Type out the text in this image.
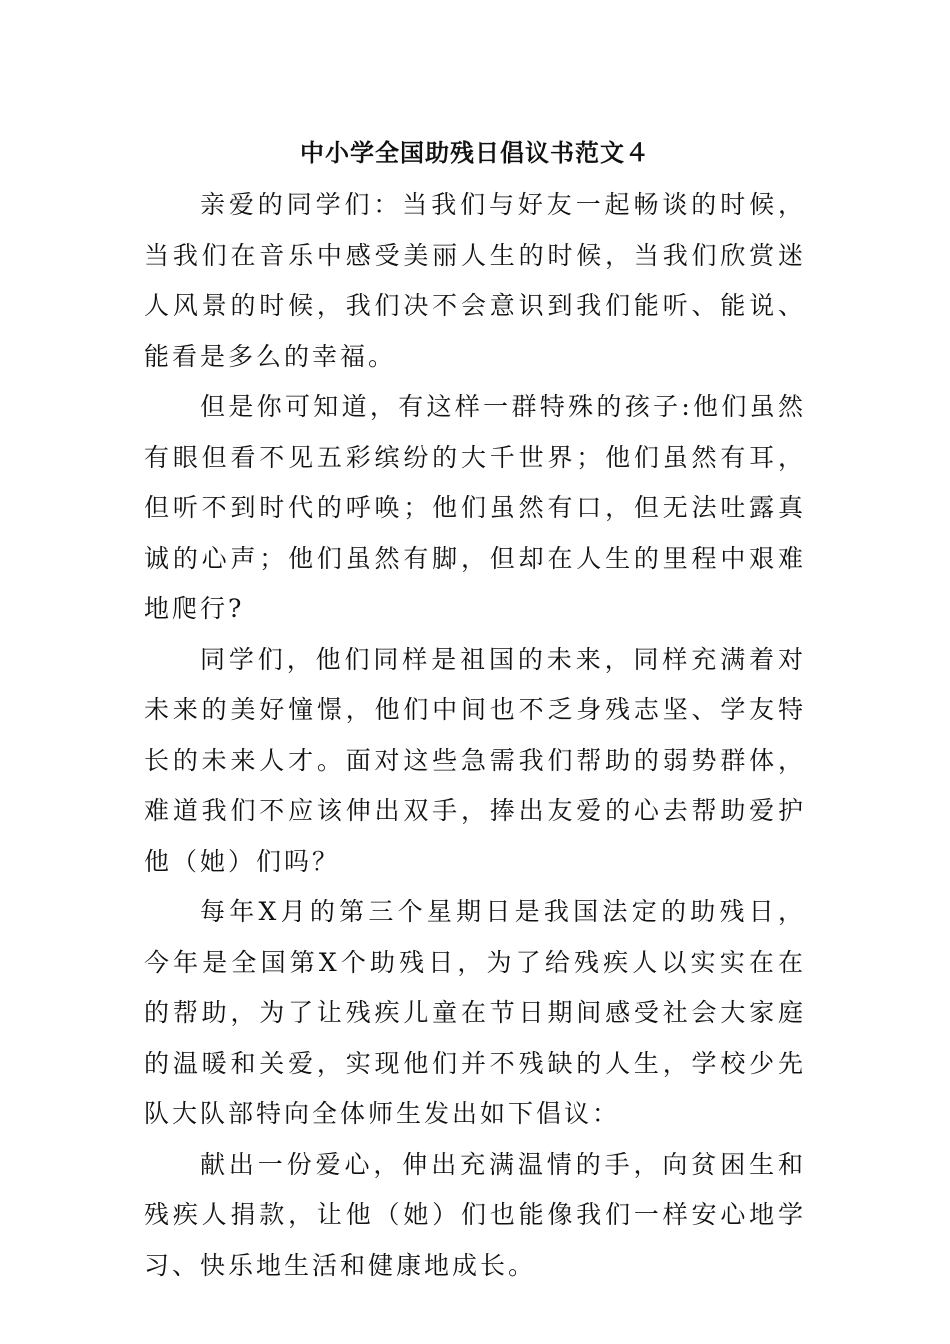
中小学全国助残日倡议书范文４

亲爱的同学们：当我们与好友一起畅谈的时候，当我们在音乐中感受美丽人生的时候，当我们欣赏迷人风景的时候，我们决不会意识到我们能听、能说、能看是多么的幸福。

但是你可知道，有这样一群特殊的孩子:他们虽然有眼但看不见五彩缤纷的大千世界；他们虽然有耳，但听不到时代的呼唤；他们虽然有口，但无法吐露真诚的心声；他们虽然有脚，但却在人生的里程中艰难地爬行?

同学们，他们同样是祖国的未来，同样充满着对未来的美好憧憬，他们中间也不乏身残志坚、学友特长的未来人才。面对这些急需我们帮助的弱势群体，难道我们不应该伸出双手，捧出友爱的心去帮助爱护他（她）们吗？

每年X月的第三个星期日是我国法定的助残日，今年是全国第X个助残日，为了给残疾人以实实在在的帮助，为了让残疾儿童在节日期间感受社会大家庭的温暖和关爱，实现他们并不残缺的人生，学校少先队大队部特向全体师生发出如下倡议：

献出一份爱心，伸出充满温情的手，向贫困生和残疾人捐款，让他（她）们也能像我们一样安心地学习、快乐地生活和健康地成长。
